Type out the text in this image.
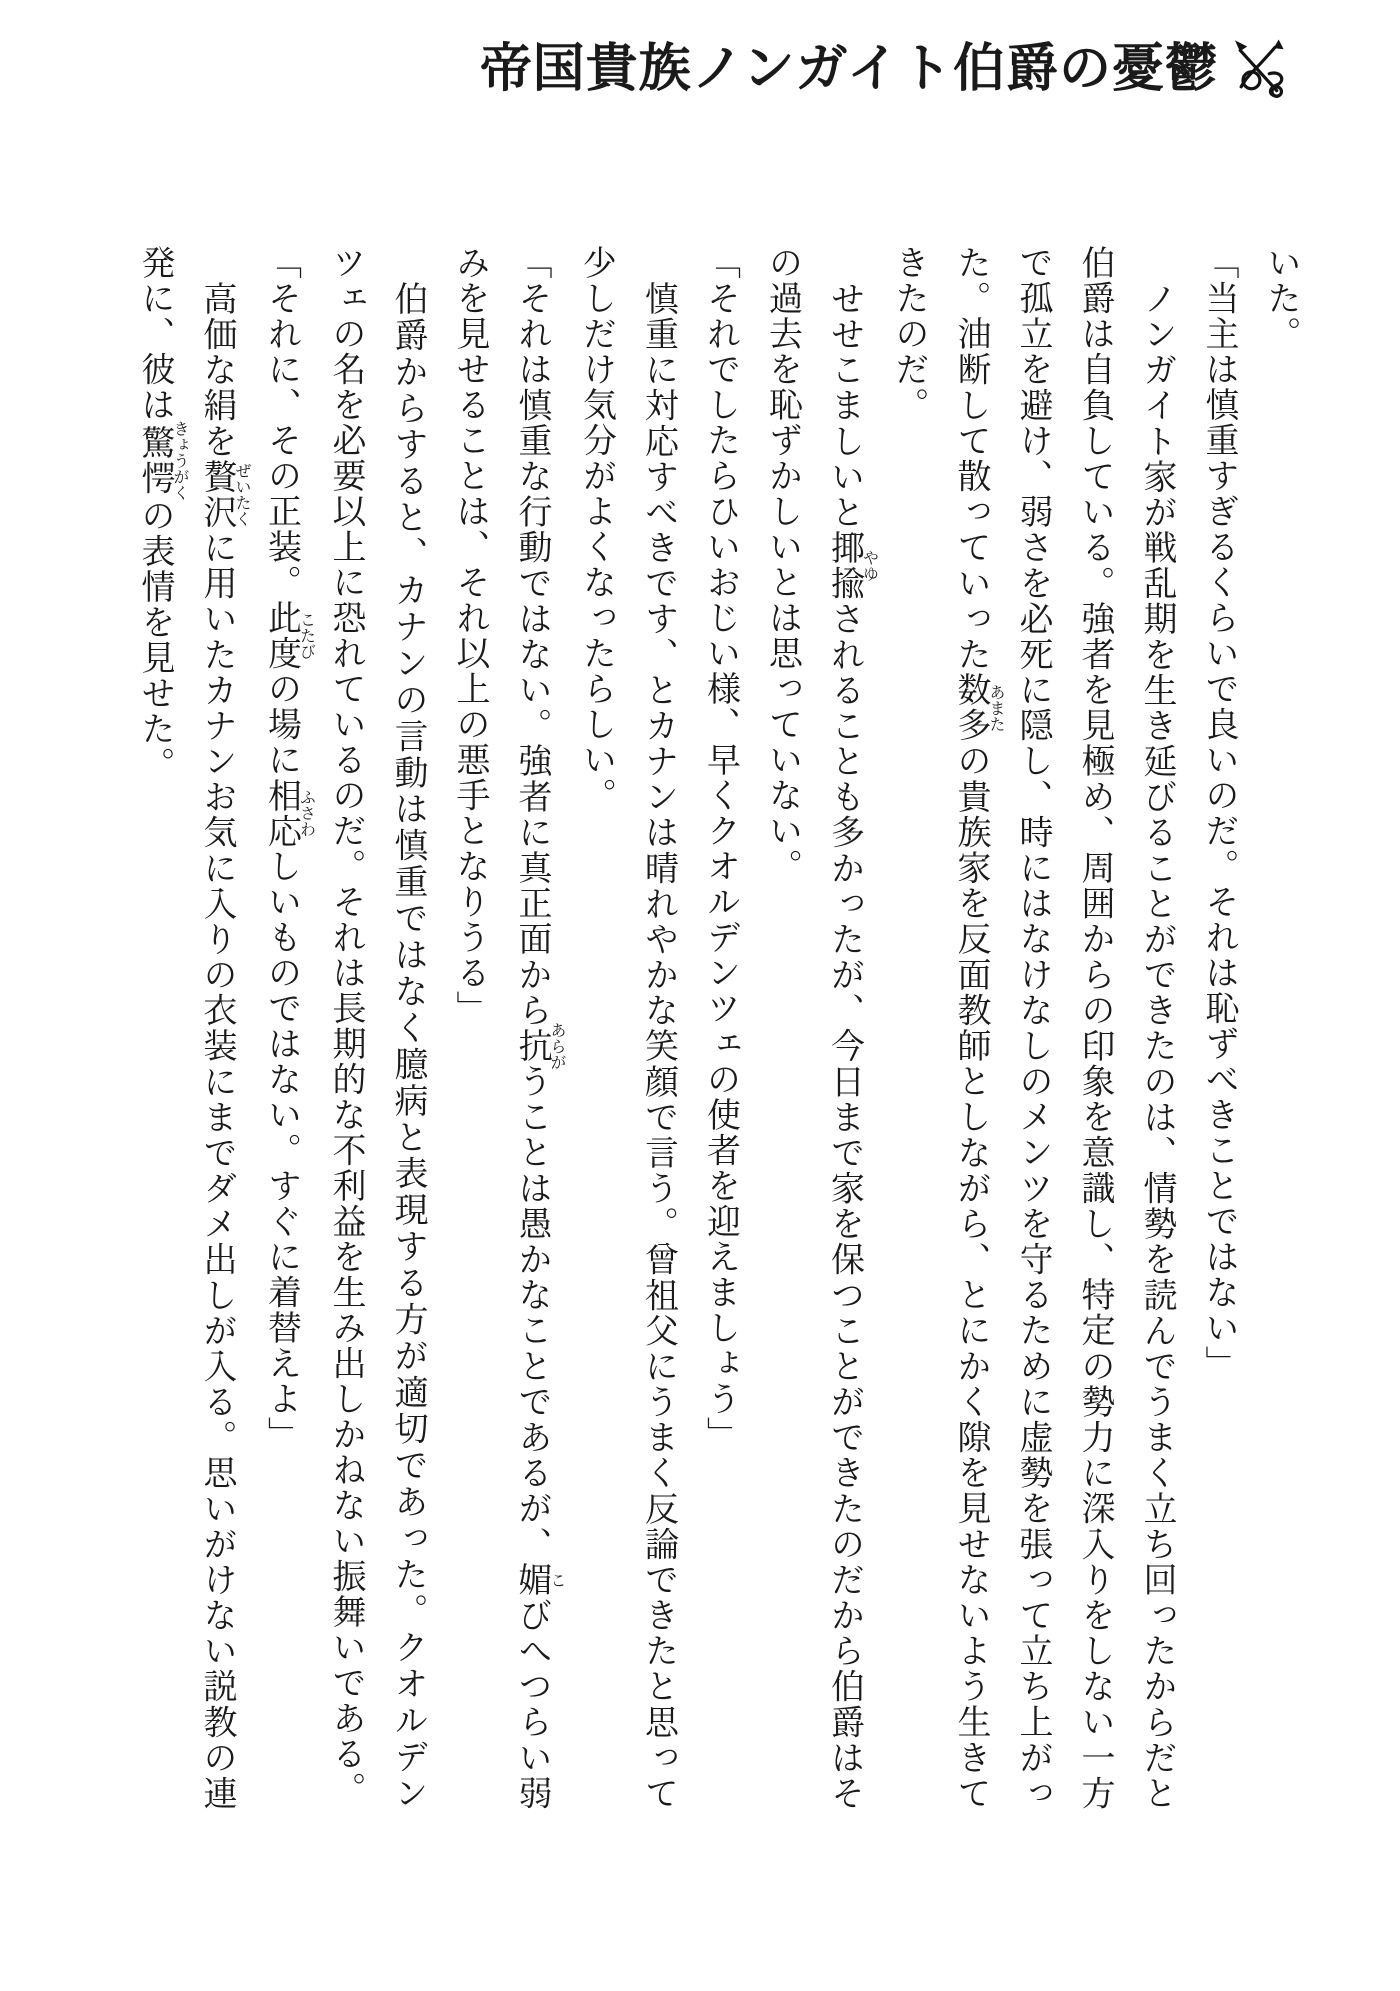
帝国貴族ノンガイト伯爵の憂鬱

いた。

「当主は慎重すぎるくらいで良いのだ。それは恥ずべきことではない」

ノンガイト家が戦乱期を生き延びることができたのは、情勢を読んでうまく立ち回ったからだと伯爵は自負している。強者を見極め、周囲からの印象を意識し、特定の勢力に深入りをしない一方で孤立を避け、弱さを必死に隠し、時にはなけなしのメンツを守るために虚勢を張って立ち上がった。油断して散っていった数多あまたの貴族家を反面教師としながら、とにかく隙を見せないよう生きてきたのだ。

せせこましいと揶揄やゆされることも多かったが、今日まで家を保つことができたのだから伯爵はその過去を恥ずかしいとは思っていない。

「それでしたらひいおじい様、早くクオルデンツェの使者を迎えましょう」

慎重に対応すべきです、とカナンは晴れやかな笑顔で言う。曾祖父にうまく反論できたと思って少しだけ気分がよくなったらしい。

「それは慎重な行動ではない。強者に真正面から抗あらがうことは愚かなことであるが、媚こびへつらい弱みを見せることは、それ以上の悪手となりうる」

伯爵からすると、カナンの言動は慎重ではなく臆病と表現する方が適切であった。クオルデンツェの名を必要以上に恐れているのだ。それは長期的な不利益を生み出しかねない振舞いである。

「それに、その正装。此度こたびの場に相応ふさわしいものではない。すぐに着替えよ」

高価な絹を贅沢ぜいたくに用いたカナンお気に入りの衣装にまでダメ出しが入る。思いがけない説教の連発に、彼は驚愕きょうがくの表情を見せた。
